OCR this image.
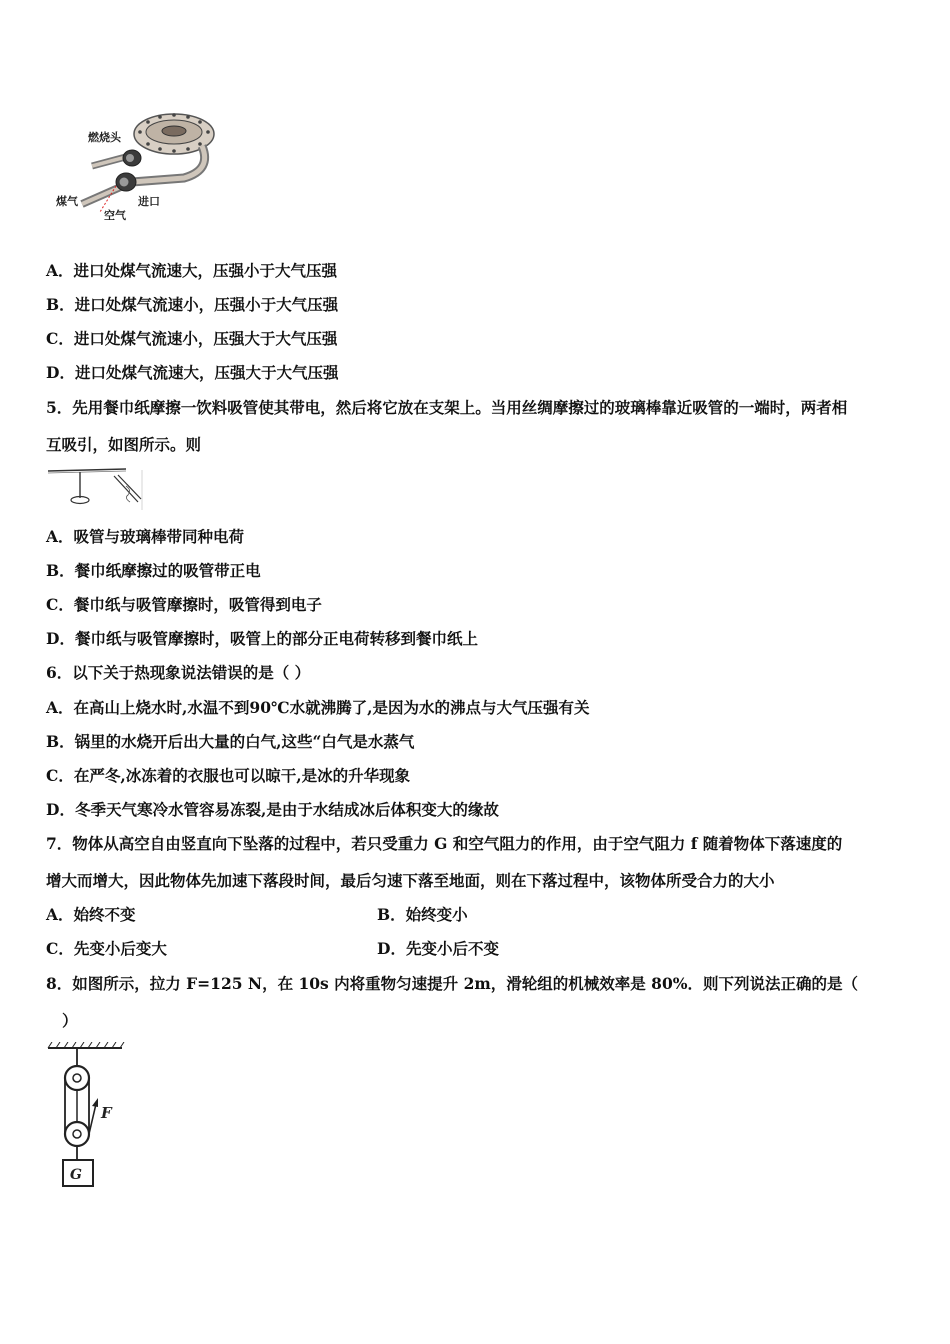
燃烧头
煤气
空气
进口
A．进口处煤气流速大，压强小于大气压强
B．进口处煤气流速小，压强小于大气压强
C．进口处煤气流速小，压强大于大气压强
D．进口处煤气流速大，压强大于大气压强
5．先用餐巾纸摩擦一饮料吸管使其带电，然后将它放在支架上。当用丝绸摩擦过的玻璃棒靠近吸管的一端时，两者相
互吸引，如图所示。则
A．吸管与玻璃棒带同种电荷
B．餐巾纸摩擦过的吸管带正电
C．餐巾纸与吸管摩擦时，吸管得到电子
D．餐巾纸与吸管摩擦时，吸管上的部分正电荷转移到餐巾纸上
6．以下关于热现象说法错误的是（ ）
A．在高山上烧水时,水温不到90℃水就沸腾了,是因为水的沸点与大气压强有关
B．锅里的水烧开后出大量的白气,这些“白气是水蒸气
C．在严冬,冰冻着的衣服也可以晾干,是冰的升华现象
D．冬季天气寒冷水管容易冻裂,是由于水结成冰后体积变大的缘故
7．物体从高空自由竖直向下坠落的过程中，若只受重力 G 和空气阻力的作用，由于空气阻力 f 随着物体下落速度的
增大而增大，因此物体先加速下落段时间，最后匀速下落至地面，则在下落过程中，该物体所受合力的大小
A．始终不变	B．始终变小
C．先变小后变大	D．先变小后不变
8．如图所示，拉力 F=125 N，在 10s 内将重物匀速提升 2m，滑轮组的机械效率是 80%．则下列说法正确的是（
）
F
G
